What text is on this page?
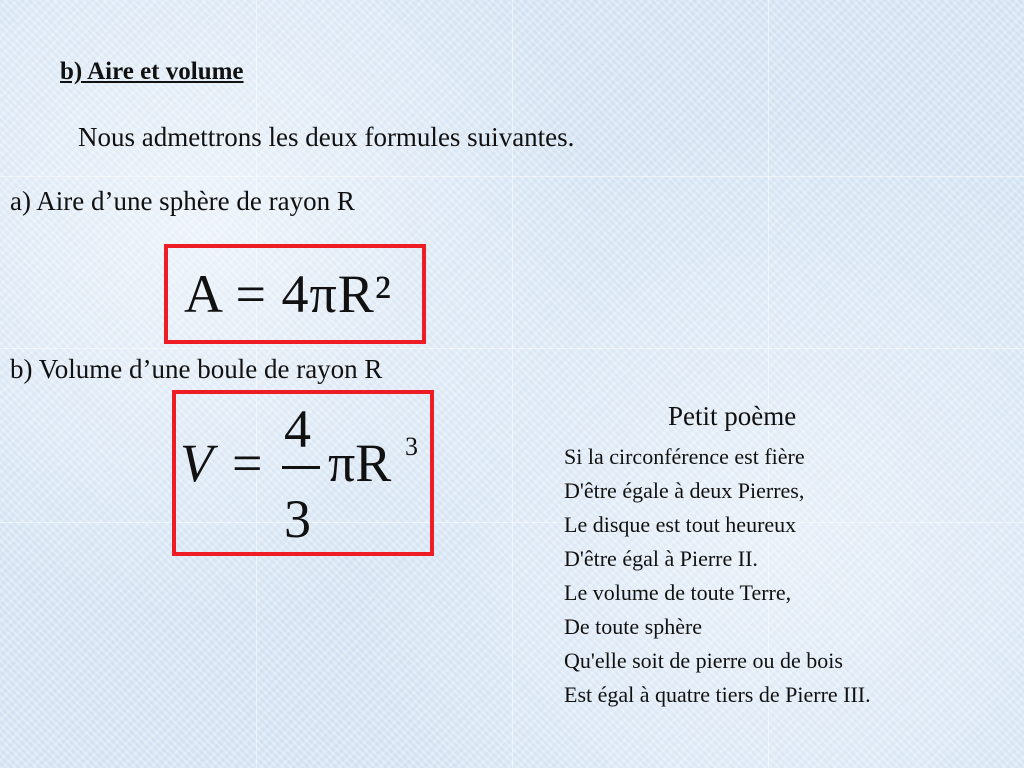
b) Aire et volume
Nous admettrons les deux formules suivantes.
a) Aire d’une sphère de rayon R
A = 4πR²
b) Volume d’une boule de rayon R
V =
4
3
πR 3
Petit poème
Si la circonférence est fière
D'être égale à deux Pierres,
Le disque est tout heureux
D'être égal à Pierre II.
Le volume de toute Terre,
De toute sphère
Qu'elle soit de pierre ou de bois
Est égal à quatre tiers de Pierre III.
